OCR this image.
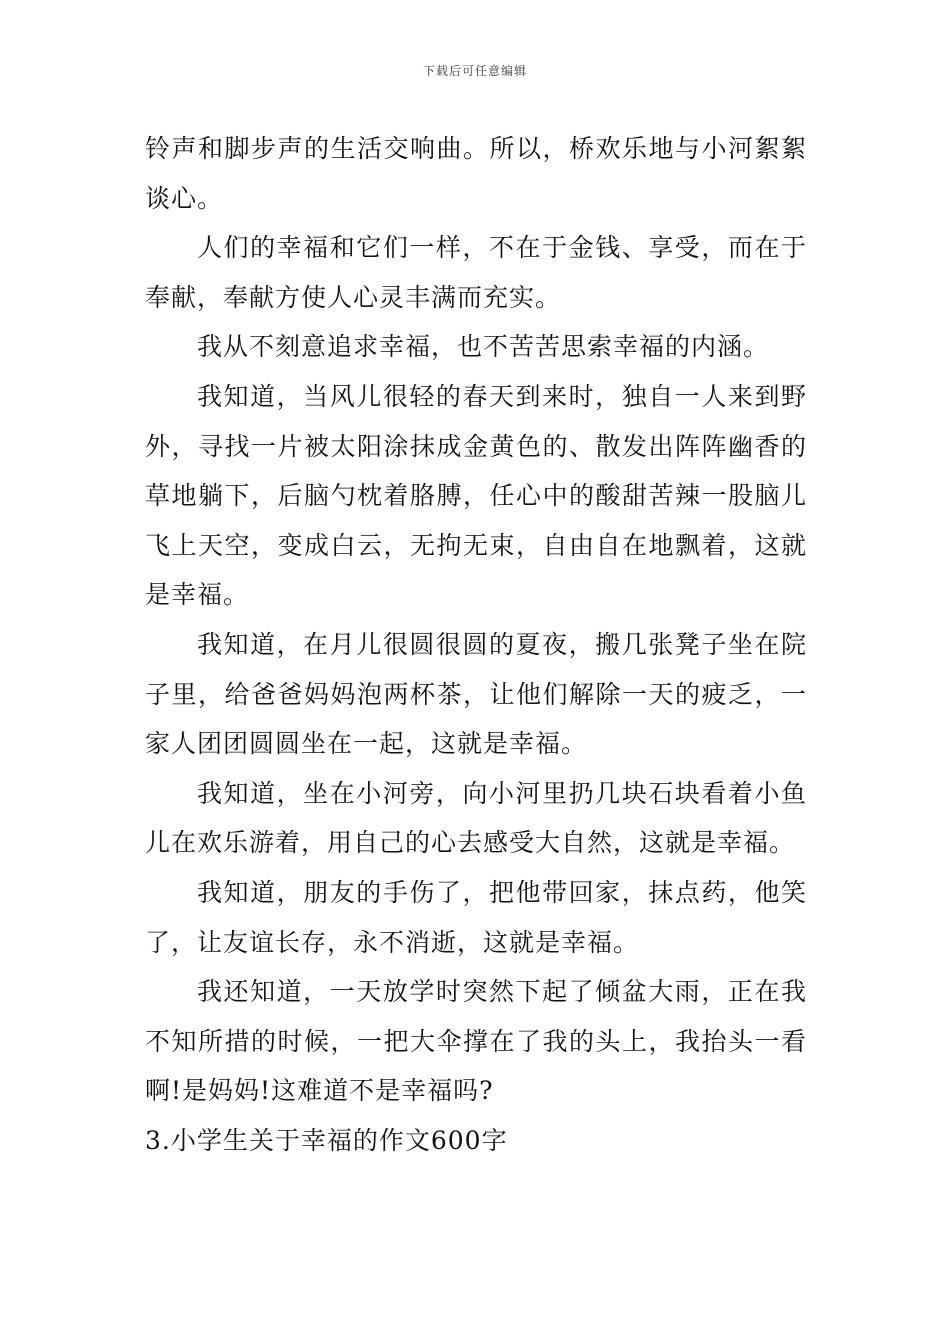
下载后可任意编辑

铃声和脚步声的生活交响曲。所以，桥欢乐地与小河絮絮谈心。

人们的幸福和它们一样，不在于金钱、享受，而在于奉献，奉献方使人心灵丰满而充实。

我从不刻意追求幸福，也不苦苦思索幸福的内涵。

我知道，当风儿很轻的春天到来时，独自一人来到野外，寻找一片被太阳涂抹成金黄色的、散发出阵阵幽香的草地躺下，后脑勺枕着胳膊，任心中的酸甜苦辣一股脑儿飞上天空，变成白云，无拘无束，自由自在地飘着，这就是幸福。

我知道，在月儿很圆很圆的夏夜，搬几张凳子坐在院子里，给爸爸妈妈泡两杯茶，让他们解除一天的疲乏，一家人团团圆圆坐在一起，这就是幸福。

我知道，坐在小河旁，向小河里扔几块石块看着小鱼儿在欢乐游着，用自己的心去感受大自然，这就是幸福。

我知道，朋友的手伤了，把他带回家，抹点药，他笑了，让友谊长存，永不消逝，这就是幸福。

我还知道，一天放学时突然下起了倾盆大雨，正在我不知所措的时候，一把大伞撑在了我的头上，我抬头一看啊!是妈妈!这难道不是幸福吗?

3.小学生关于幸福的作文600字
